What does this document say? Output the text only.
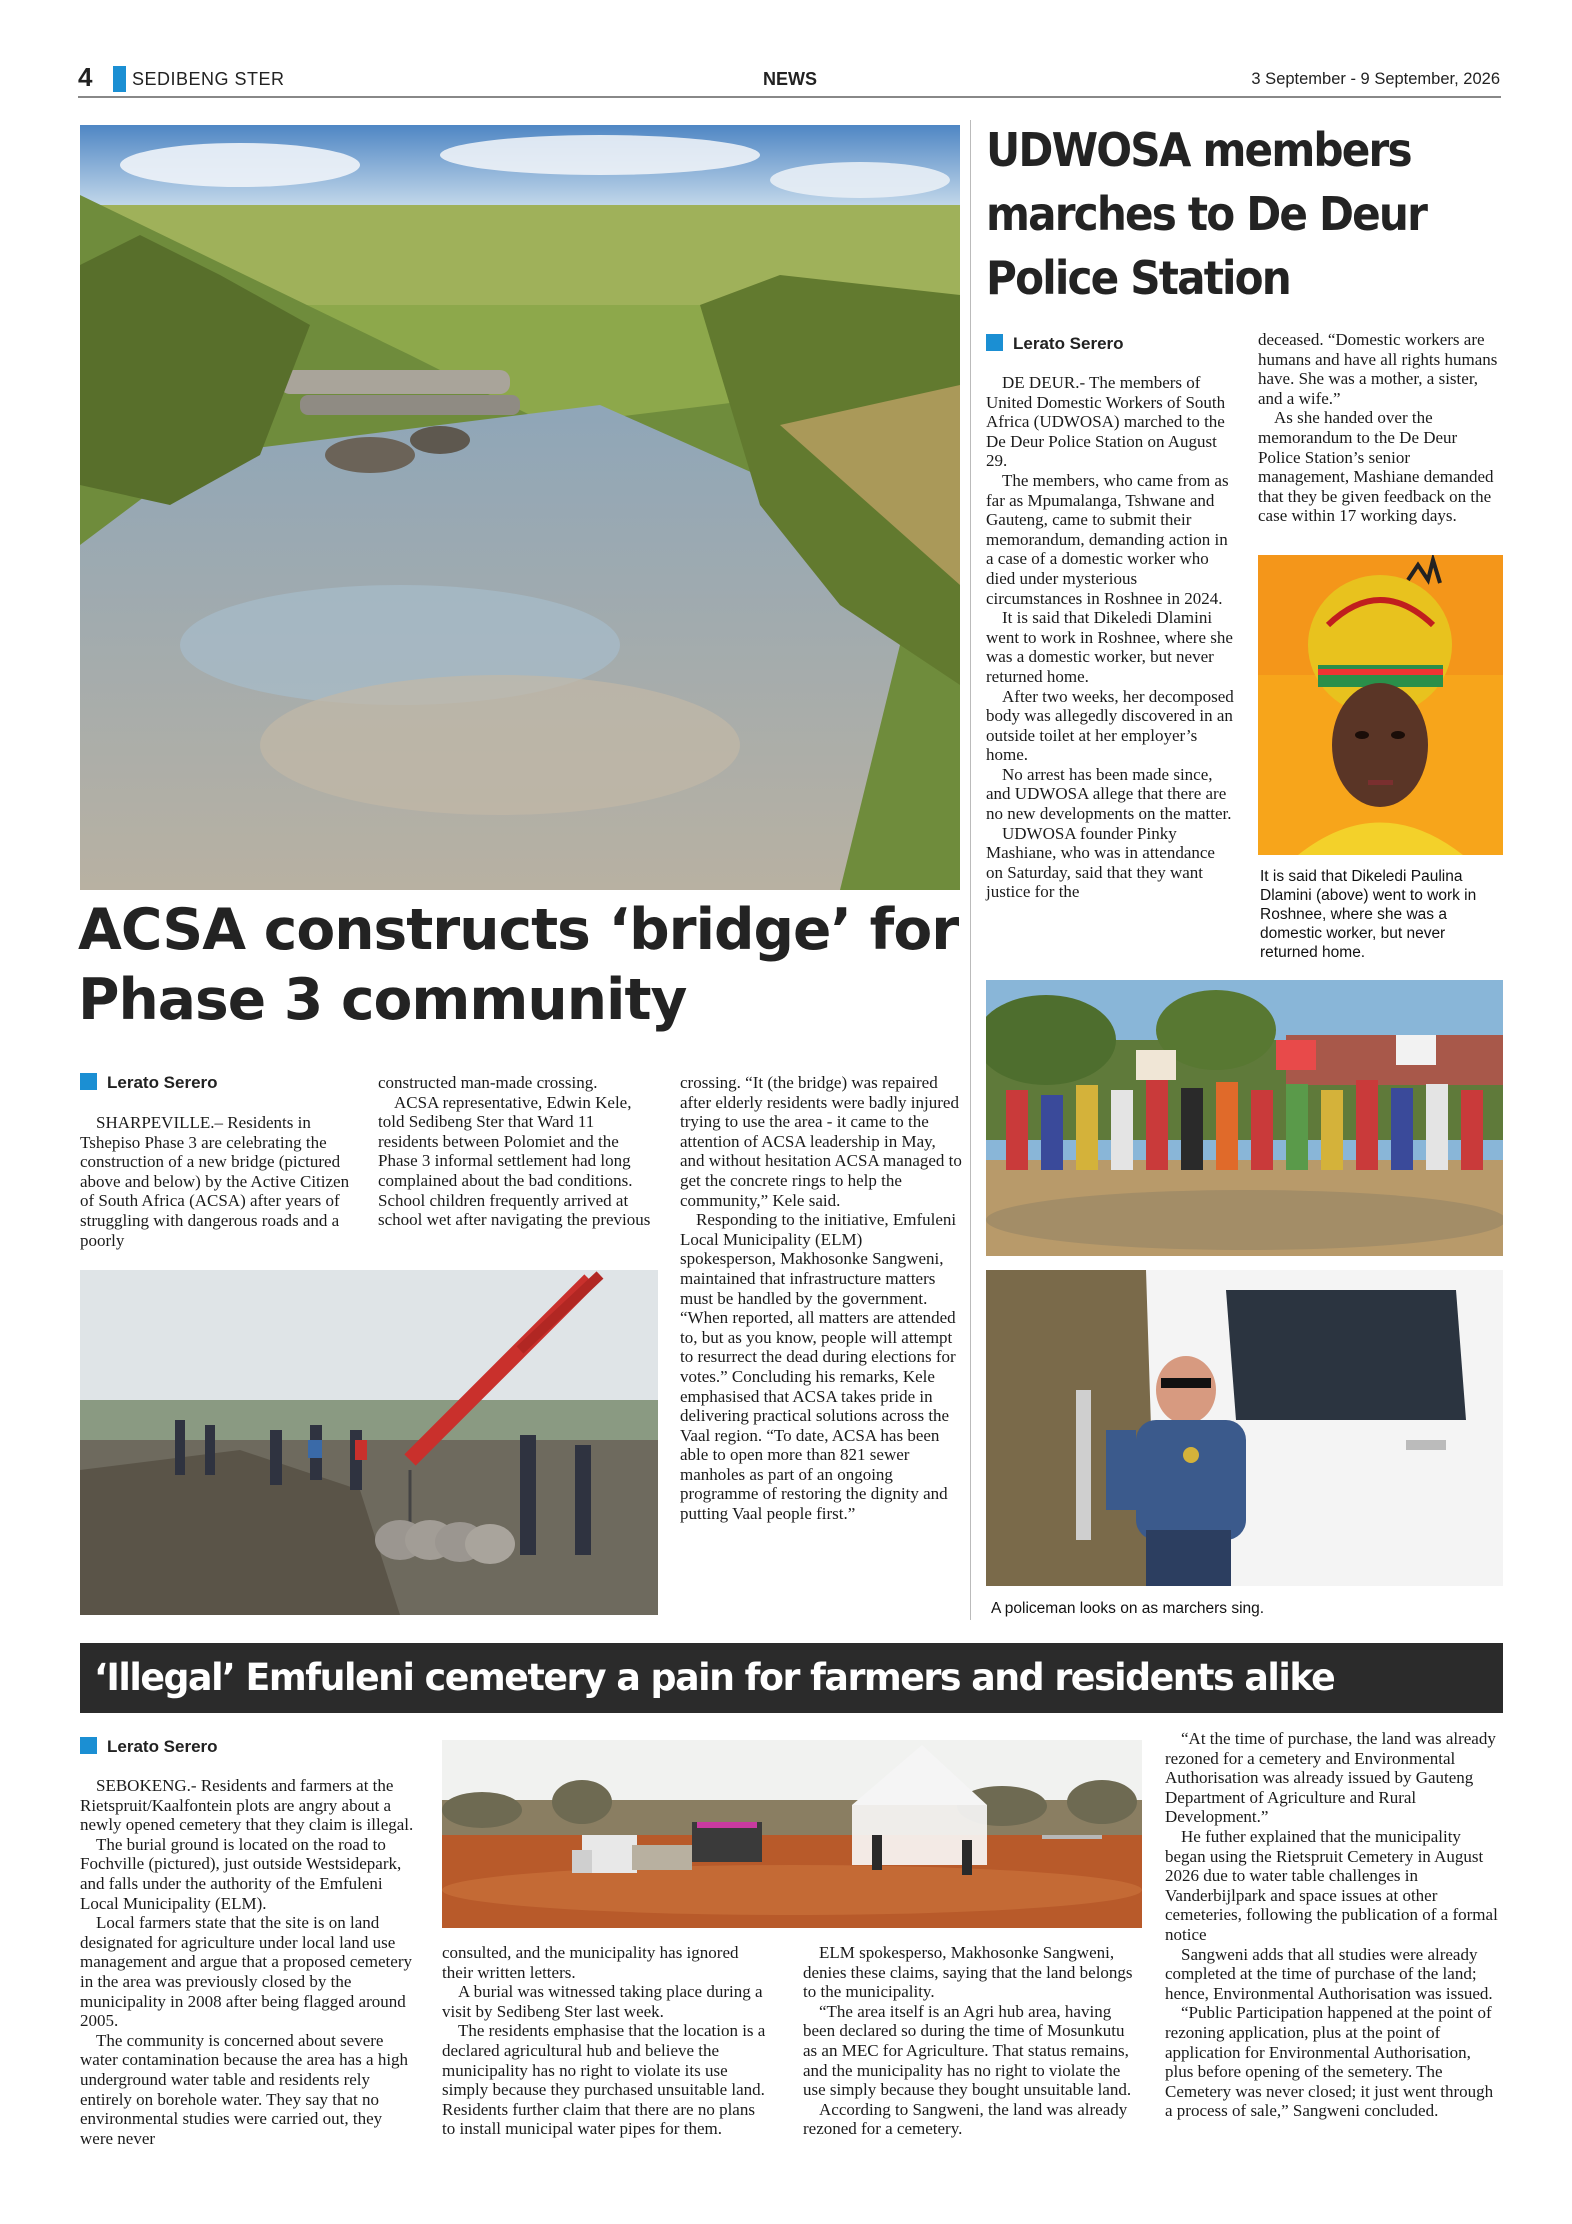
4 SEDIBENG STER	NEWS	3 September - 9 September, 2026
ACSA constructs ‘bridge’ for
Phase 3 community
Lerato Serero

SHARPEVILLE.– Residents in Tshepiso Phase 3 are celebrating the construction of a new bridge (pictured above and below) by the Active Citizen of South Africa (ACSA) after years of struggling with dangerous roads and a poorly

constructed man-made crossing.

ACSA representative, Edwin Kele, told Sedibeng Ster that Ward 11 residents between Polomiet and the Phase 3 informal settlement had long complained about the bad conditions. School children frequently arrived at school wet after navigating the previous

crossing. “It (the bridge) was repaired after elderly residents were badly injured trying to use the area - it came to the attention of ACSA leadership in May, and without hesitation ACSA managed to get the concrete rings to help the community,” Kele said.

Responding to the initiative, Emfuleni Local Municipality (ELM) spokesperson, Makhosonke Sangweni, maintained that infrastructure matters must be handled by the government. “When reported, all matters are attended to, but as you know, people will attempt to resurrect the dead during elections for votes.” Concluding his remarks, Kele emphasised that ACSA takes pride in delivering practical solutions across the Vaal region. “To date, ACSA has been able to open more than 821 sewer manholes as part of an ongoing programme of restoring the dignity and putting Vaal people first.”

UDWOSA members
marches to De Deur
Police Station
Lerato Serero

DE DEUR.- The members of United Domestic Workers of South Africa (UDWOSA) marched to the De Deur Police Station on August 29.

The members, who came from as far as Mpumalanga, Tshwane and Gauteng, came to submit their memorandum, demanding action in a case of a domestic worker who died under mysterious circumstances in Roshnee in 2024.

It is said that Dikeledi Dlamini went to work in Roshnee, where she was a domestic worker, but never returned home.

After two weeks, her decomposed body was allegedly discovered in an outside toilet at her employer’s home.

No arrest has been made since, and UDWOSA allege that there are no new developments on the matter.

UDWOSA founder Pinky Mashiane, who was in attendance on Saturday, said that they want justice for the

deceased. “Domestic workers are humans and have all rights humans have. She was a mother, a sister, and a wife.”

As she handed over the memorandum to the De Deur Police Station’s senior management, Mashiane demanded that they be given feedback on the case within 17 working days.

It is said that Dikeledi Paulina Dlamini (above) went to work in Roshnee, where she was a domestic worker, but never returned home.
A policeman looks on as marchers sing.
‘Illegal’ Emfuleni cemetery a pain for farmers and residents alike
Lerato Serero

SEBOKENG.- Residents and farmers at the Rietspruit/Kaalfontein plots are angry about a newly opened cemetery that they claim is illegal.

The burial ground is located on the road to Fochville (pictured), just outside Westsidepark, and falls under the authority of the Emfuleni Local Municipality (ELM).

Local farmers state that the site is on land designated for agriculture under local land use management and argue that a proposed cemetery in the area was previously closed by the municipality in 2008 after being flagged around 2005.

The community is concerned about severe water contamination because the area has a high underground water table and residents rely entirely on borehole water. They say that no environmental studies were carried out, they were never

consulted, and the municipality has ignored their written letters.

A burial was witnessed taking place during a visit by Sedibeng Ster last week.

The residents emphasise that the location is a declared agricultural hub and believe the municipality has no right to violate its use simply because they purchased unsuitable land. Residents further claim that there are no plans to install municipal water pipes for them.

ELM spokesperso, Makhosonke Sangweni, denies these claims, saying that the land belongs to the municipality.

“The area itself is an Agri hub area, having been declared so during the time of Mosunkutu as an MEC for Agriculture. That status remains, and the municipality has no right to violate the use simply because they bought unsuitable land.

According to Sangweni, the land was already rezoned for a cemetery.

“At the time of purchase, the land was already rezoned for a cemetery and Environmental Authorisation was already issued by Gauteng Department of Agriculture and Rural Development.”

He futher explained that the municipality began using the Rietspruit Cemetery in August 2026 due to water table challenges in Vanderbijlpark and space issues at other cemeteries, following the publication of a formal notice

Sangweni adds that all studies were already completed at the time of purchase of the land; hence, Environmental Authorisation was issued.

“Public Participation happened at the point of rezoning application, plus at the point of application for Environmental Authorisation, plus before opening of the semetery. The Cemetery was never closed; it just went through a process of sale,” Sangweni concluded.
